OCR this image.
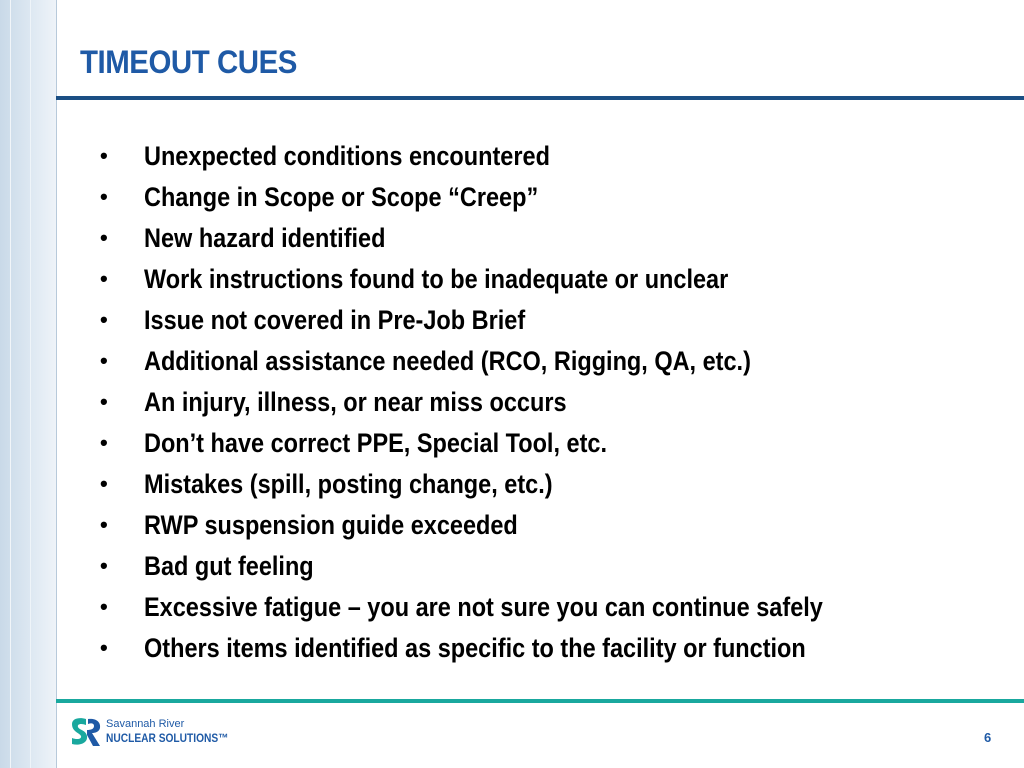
TIMEOUT CUES
•	Unexpected conditions encountered
•	Change in Scope or Scope “Creep”
•	New hazard identified
•	Work instructions found to be inadequate or unclear
•	Issue not covered in Pre-Job Brief
•	Additional assistance needed (RCO, Rigging, QA, etc.)
•	An injury, illness, or near miss occurs
•	Don’t have correct PPE, Special Tool, etc.
•	Mistakes (spill, posting change, etc.)
•	RWP suspension guide exceeded
•	Bad gut feeling
•	Excessive fatigue – you are not sure you can continue safely
•	Others items identified as specific to the facility or function
Savannah River
NUCLEAR SOLUTIONS™	6
